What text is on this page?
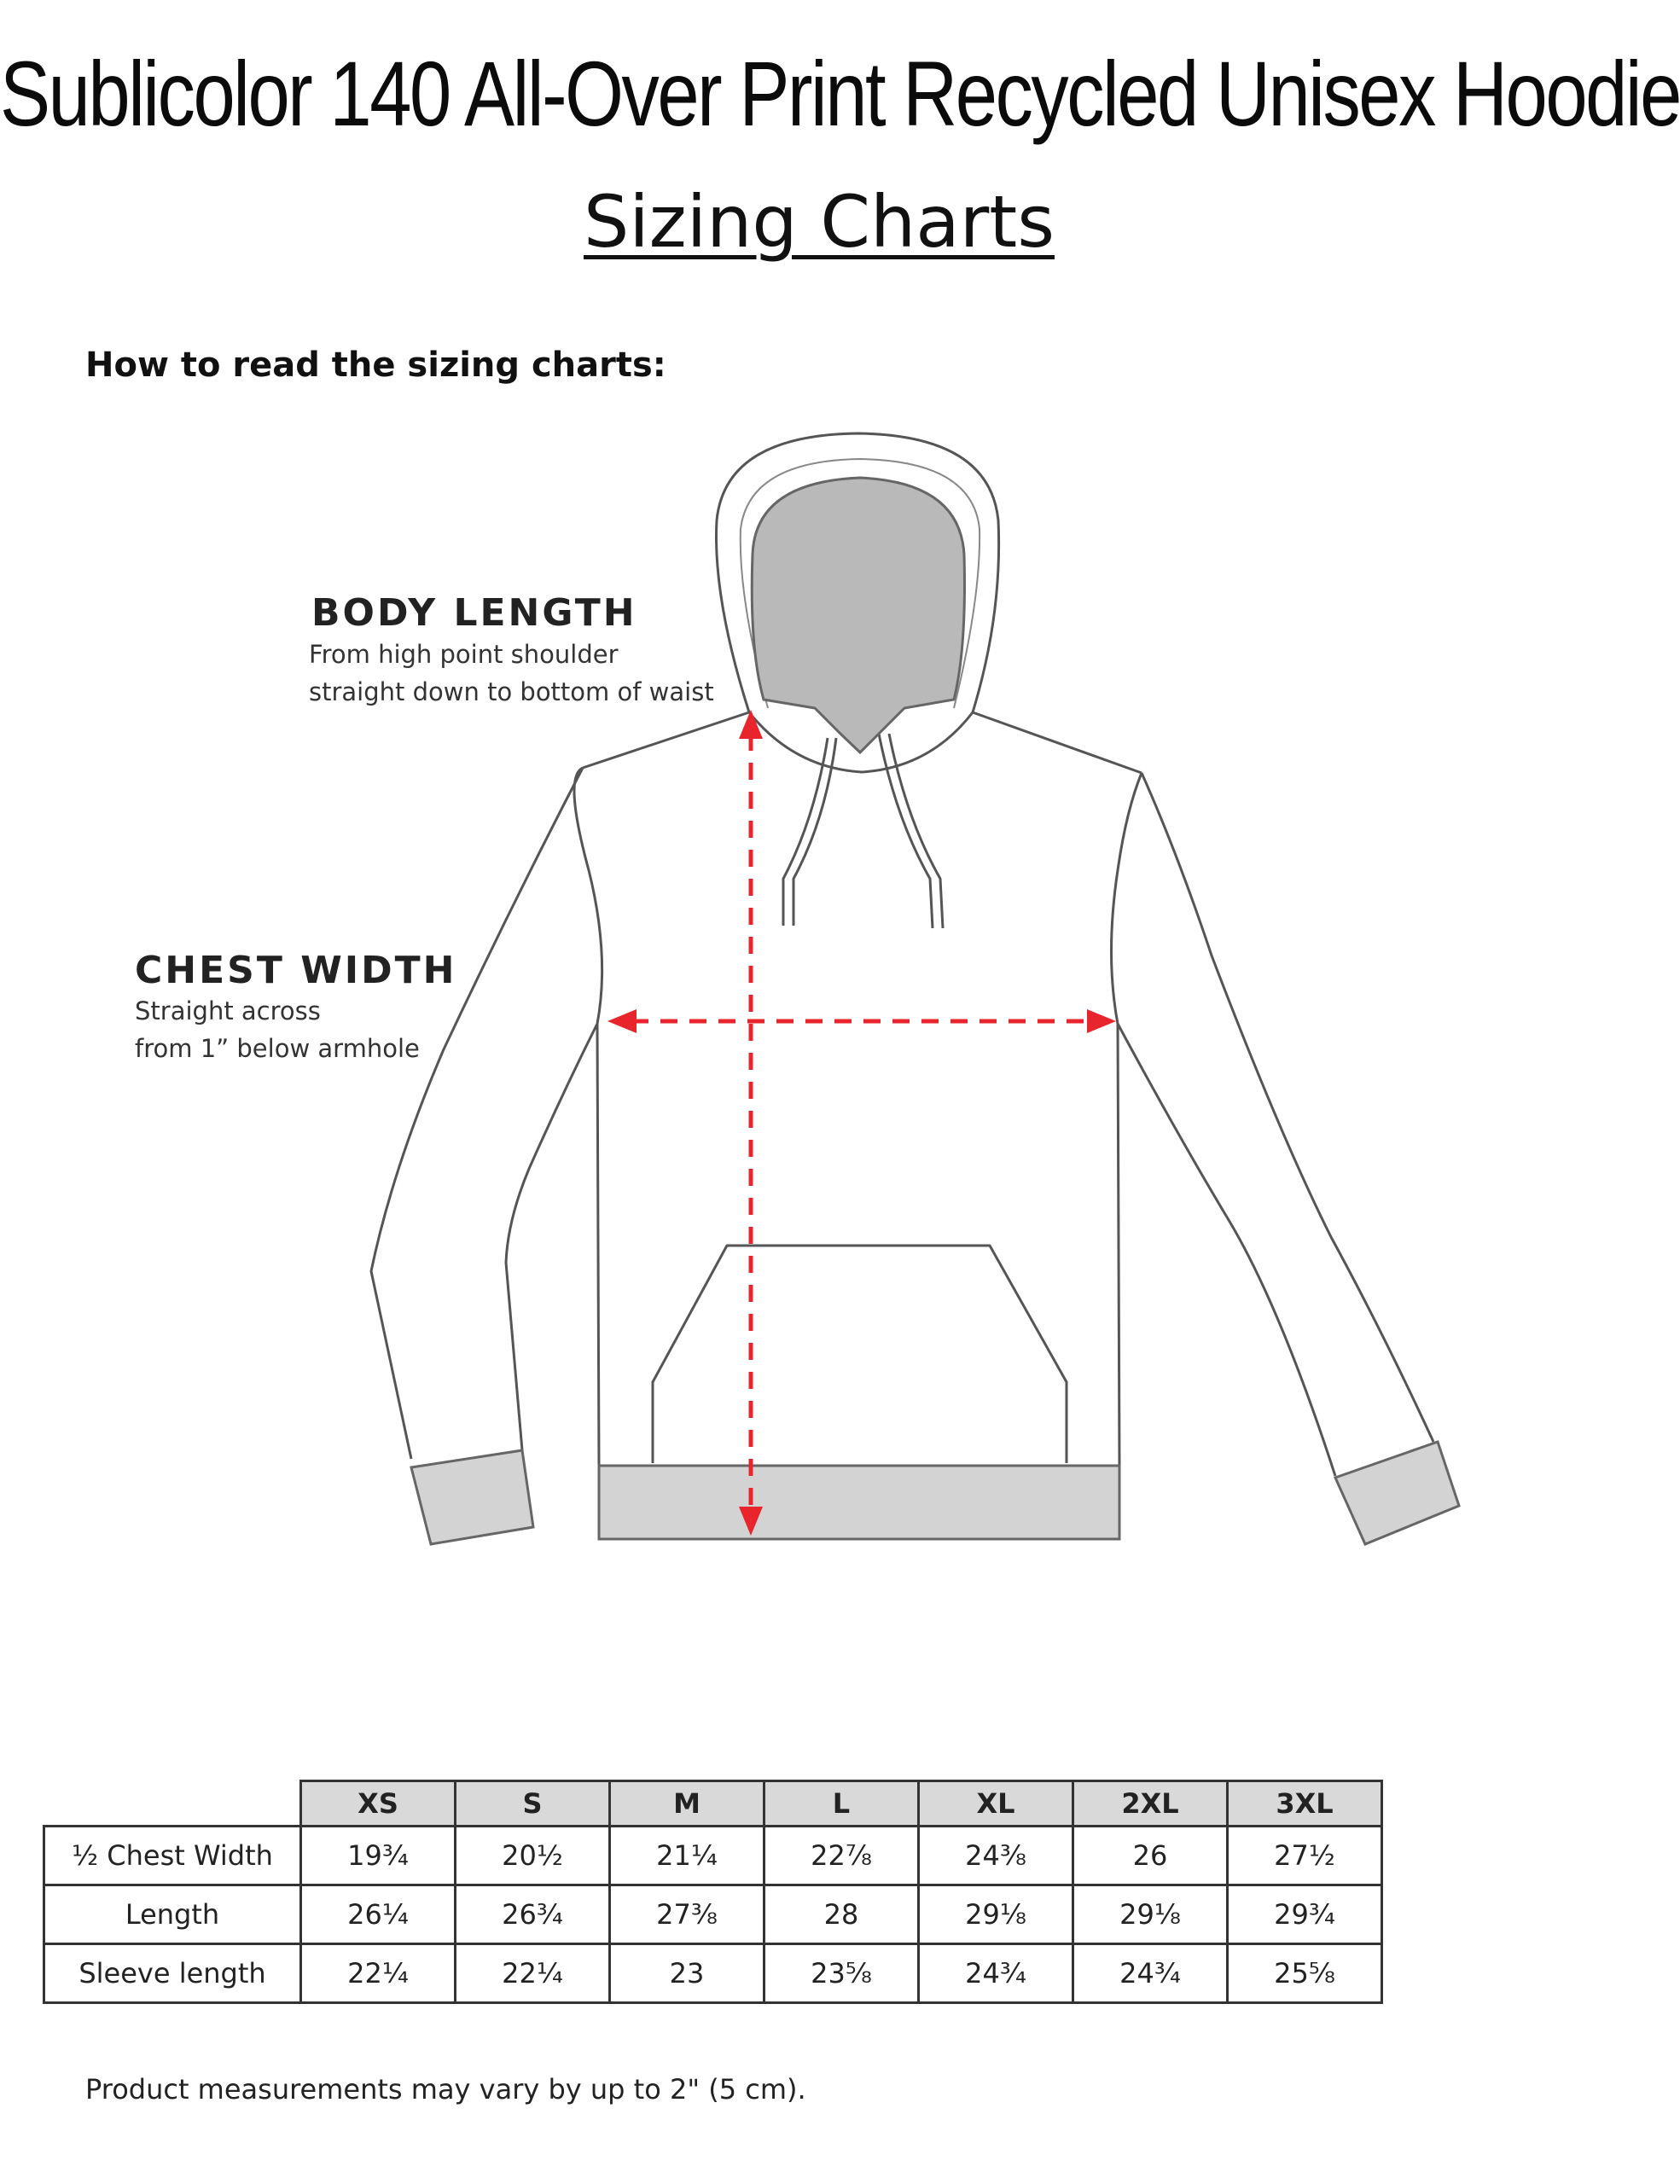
Sublicolor 140 All-Over Print Recycled Unisex Hoodie
Sizing Charts
How to read the sizing charts:
BODY LENGTH
From high point shoulder
straight down to bottom of waist
CHEST WIDTH
Straight across
from 1” below armhole
	XS	S	M	L	XL	2XL	3XL
½ Chest Width	19¾	20½	21¼	22⅞	24⅜	26	27½
Length	26¼	26¾	27⅜	28	29⅛	29⅛	29¾
Sleeve length	22¼	22¼	23	23⅝	24¾	24¾	25⅝
Product measurements may vary by up to 2" (5 cm).
